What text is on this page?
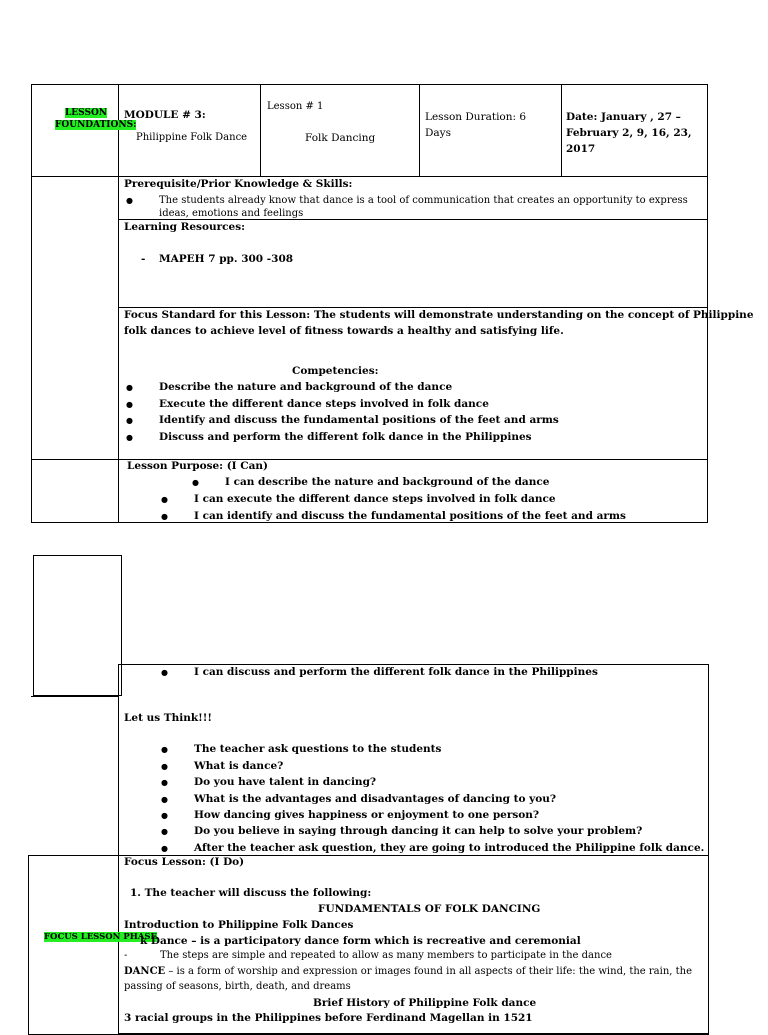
LESSON FOUNDATIONS:
MODULE # 3:
Philippine Folk Dance
Lesson # 1
Folk Dancing
Lesson Duration: 6 Days
Date: January , 27 – February 2, 9, 16, 23, 2017
Prerequisite/Prior Knowledge & Skills:
● The students already know that dance is a tool of communication that creates an opportunity to express
ideas, emotions and feelings
Learning Resources:
- MAPEH 7 pp. 300 -308
Focus Standard for this Lesson: The students will demonstrate understanding on the concept of Philippine
folk dances to achieve level of fitness towards a healthy and satisfying life.
Competencies:
● Describe the nature and background of the dance
● Execute the different dance steps involved in folk dance
● Identify and discuss the fundamental positions of the feet and arms
● Discuss and perform the different folk dance in the Philippines
Lesson Purpose: (I Can)
● I can describe the nature and background of the dance
● I can execute the different dance steps involved in folk dance
● I can identify and discuss the fundamental positions of the feet and arms
● I can discuss and perform the different folk dance in the Philippines
Let us Think!!!
● The teacher ask questions to the students
● What is dance?
● Do you have talent in dancing?
● What is the advantages and disadvantages of dancing to you?
● How dancing gives happiness or enjoyment to one person?
● Do you believe in saying through dancing it can help to solve your problem?
● After the teacher ask question, they are going to introduced the Philippine folk dance.
FOCUS LESSON PHASE
Focus Lesson: (I Do)
1. The teacher will discuss the following:
FUNDAMENTALS OF FOLK DANCING
Introduction to Philippine Folk Dances
k Dance – is a participatory dance form which is recreative and ceremonial
-	The steps are simple and repeated to allow as many members to participate in the dance
DANCE – is a form of worship and expression or images found in all aspects of their life: the wind, the rain, the
passing of seasons, birth, death, and dreams
Brief History of Philippine Folk dance
3 racial groups in the Philippines before Ferdinand Magellan in 1521
